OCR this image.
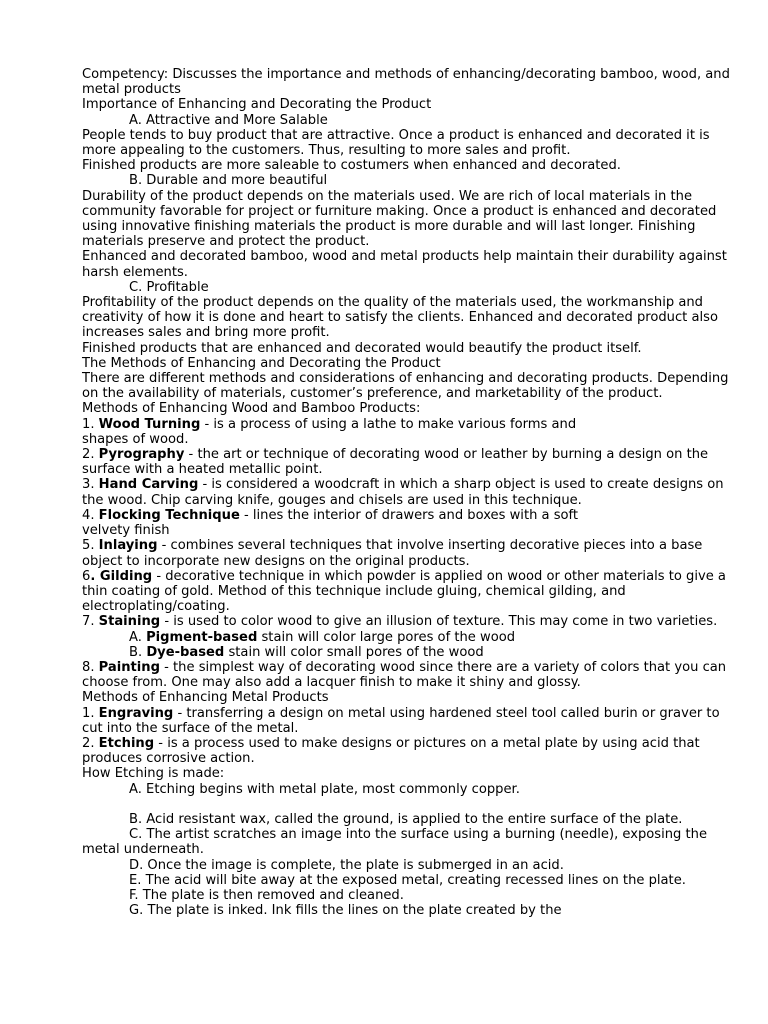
Competency: Discusses the importance and methods of enhancing/decorating bamboo, wood, and metal products

Importance of Enhancing and Decorating the Product

A. Attractive and More Salable

People tends to buy product that are attractive. Once a product is enhanced and decorated it is more appealing to the customers. Thus, resulting to more sales and profit.

Finished products are more saleable to costumers when enhanced and decorated.

B. Durable and more beautiful

Durability of the product depends on the materials used. We are rich of local materials in the community favorable for project or furniture making. Once a product is enhanced and decorated using innovative finishing materials the product is more durable and will last longer. Finishing materials preserve and protect the product.

Enhanced and decorated bamboo, wood and metal products help maintain their durability against harsh elements.

C. Profitable

Profitability of the product depends on the quality of the materials used, the workmanship and creativity of how it is done and heart to satisfy the clients. Enhanced and decorated product also increases sales and bring more profit.

Finished products that are enhanced and decorated would beautify the product itself.

The Methods of Enhancing and Decorating the Product

There are different methods and considerations of enhancing and decorating products. Depending on the availability of materials, customer’s preference, and marketability of the product.

Methods of Enhancing Wood and Bamboo Products:

1. Wood Turning - is a process of using a lathe to make various forms and

shapes of wood.

2. Pyrography - the art or technique of decorating wood or leather by burning a design on the surface with a heated metallic point.

3. Hand Carving - is considered a woodcraft in which a sharp object is used to create designs on the wood. Chip carving knife, gouges and chisels are used in this technique.

4. Flocking Technique - lines the interior of drawers and boxes with a soft

velvety finish

5. Inlaying - combines several techniques that involve inserting decorative pieces into a base object to incorporate new designs on the original products.

6. Gilding - decorative technique in which powder is applied on wood or other materials to give a thin coating of gold. Method of this technique include gluing, chemical gilding, and electroplating/coating.

7. Staining - is used to color wood to give an illusion of texture. This may come in two varieties.

A. Pigment-based stain will color large pores of the wood

B. Dye-based stain will color small pores of the wood

8. Painting - the simplest way of decorating wood since there are a variety of colors that you can choose from. One may also add a lacquer finish to make it shiny and glossy.

Methods of Enhancing Metal Products

1. Engraving - transferring a design on metal using hardened steel tool called burin or graver to cut into the surface of the metal.

2. Etching - is a process used to make designs or pictures on a metal plate by using acid that produces corrosive action.

How Etching is made:

A. Etching begins with metal plate, most commonly copper.

B. Acid resistant wax, called the ground, is applied to the entire surface of the plate.

C. The artist scratches an image into the surface using a burning (needle), exposing the metal underneath.

D. Once the image is complete, the plate is submerged in an acid.

E. The acid will bite away at the exposed metal, creating recessed lines on the plate.

F. The plate is then removed and cleaned.

G. The plate is inked. Ink fills the lines on the plate created by the
